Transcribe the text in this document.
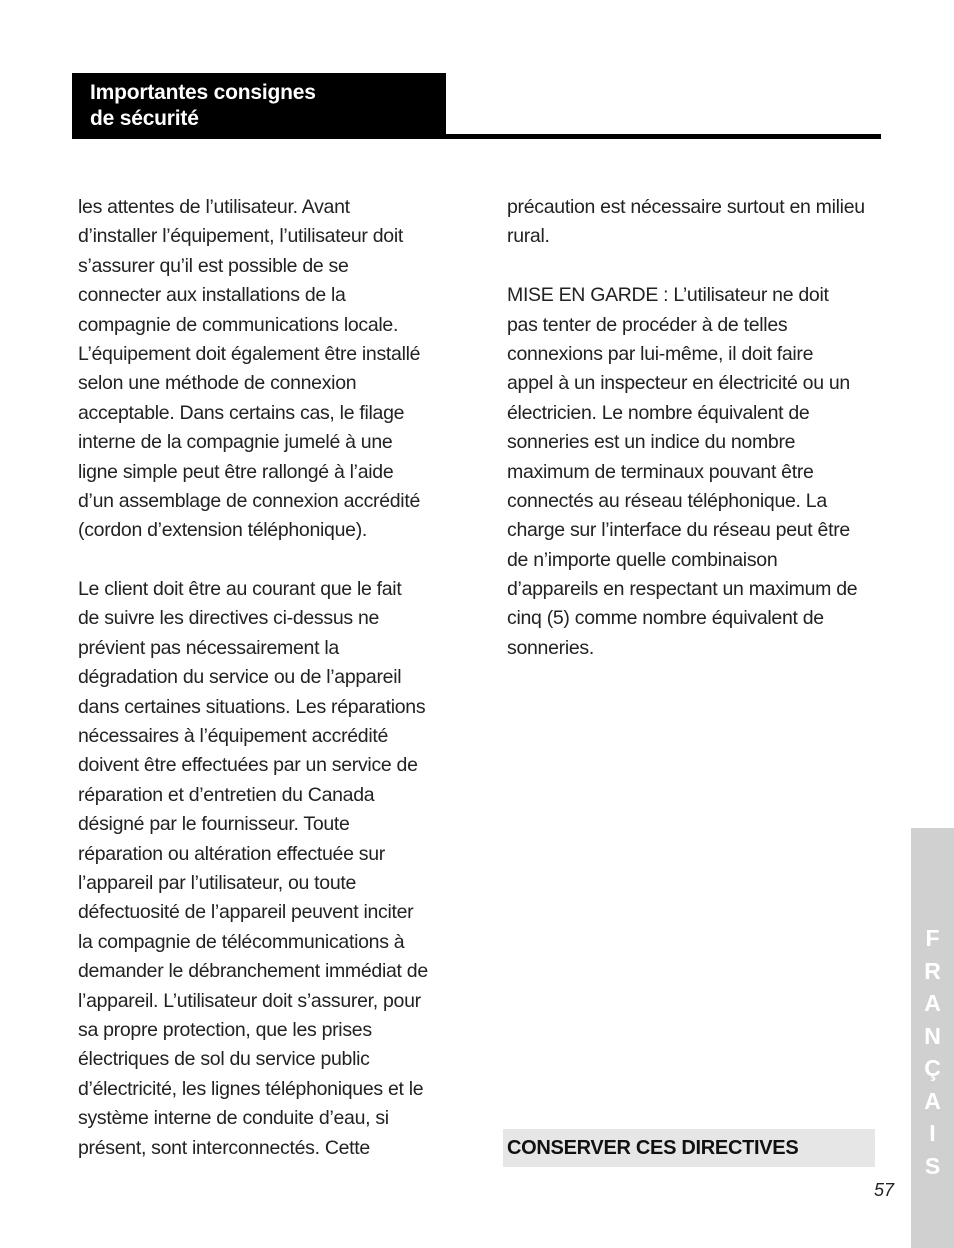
Importantes consignes
de sécurité
les attentes de l’utilisateur. Avant
d’installer l’équipement, l’utilisateur doit
s’assurer qu’il est possible de se
connecter aux installations de la
compagnie de communications locale.
L’équipement doit également être installé
selon une méthode de connexion
acceptable. Dans certains cas, le filage
interne de la compagnie jumelé à une
ligne simple peut être rallongé à l’aide
d’un assemblage de connexion accrédité
(cordon d’extension téléphonique).
Le client doit être au courant que le fait
de suivre les directives ci-dessus ne
prévient pas nécessairement la
dégradation du service ou de l’appareil
dans certaines situations. Les réparations
nécessaires à l’équipement accrédité
doivent être effectuées par un service de
réparation et d’entretien du Canada
désigné par le fournisseur. Toute
réparation ou altération effectuée sur
l’appareil par l’utilisateur, ou toute
défectuosité de l’appareil peuvent inciter
la compagnie de télécommunications à
demander le débranchement immédiat de
l’appareil. L’utilisateur doit s’assurer, pour
sa propre protection, que les prises
électriques de sol du service public
d’électricité, les lignes téléphoniques et le
système interne de conduite d’eau, si
présent, sont interconnectés. Cette
précaution est nécessaire surtout en milieu
rural.
MISE EN GARDE : L’utilisateur ne doit
pas tenter de procéder à de telles
connexions par lui-même, il doit faire
appel à un inspecteur en électricité ou un
électricien. Le nombre équivalent de
sonneries est un indice du nombre
maximum de terminaux pouvant être
connectés au réseau téléphonique. La
charge sur l’interface du réseau peut être
de n’importe quelle combinaison
d’appareils en respectant un maximum de
cinq (5) comme nombre équivalent de
sonneries.
CONSERVER CES DIRECTIVES
57
F
R
A
N
Ç
A
I
S
